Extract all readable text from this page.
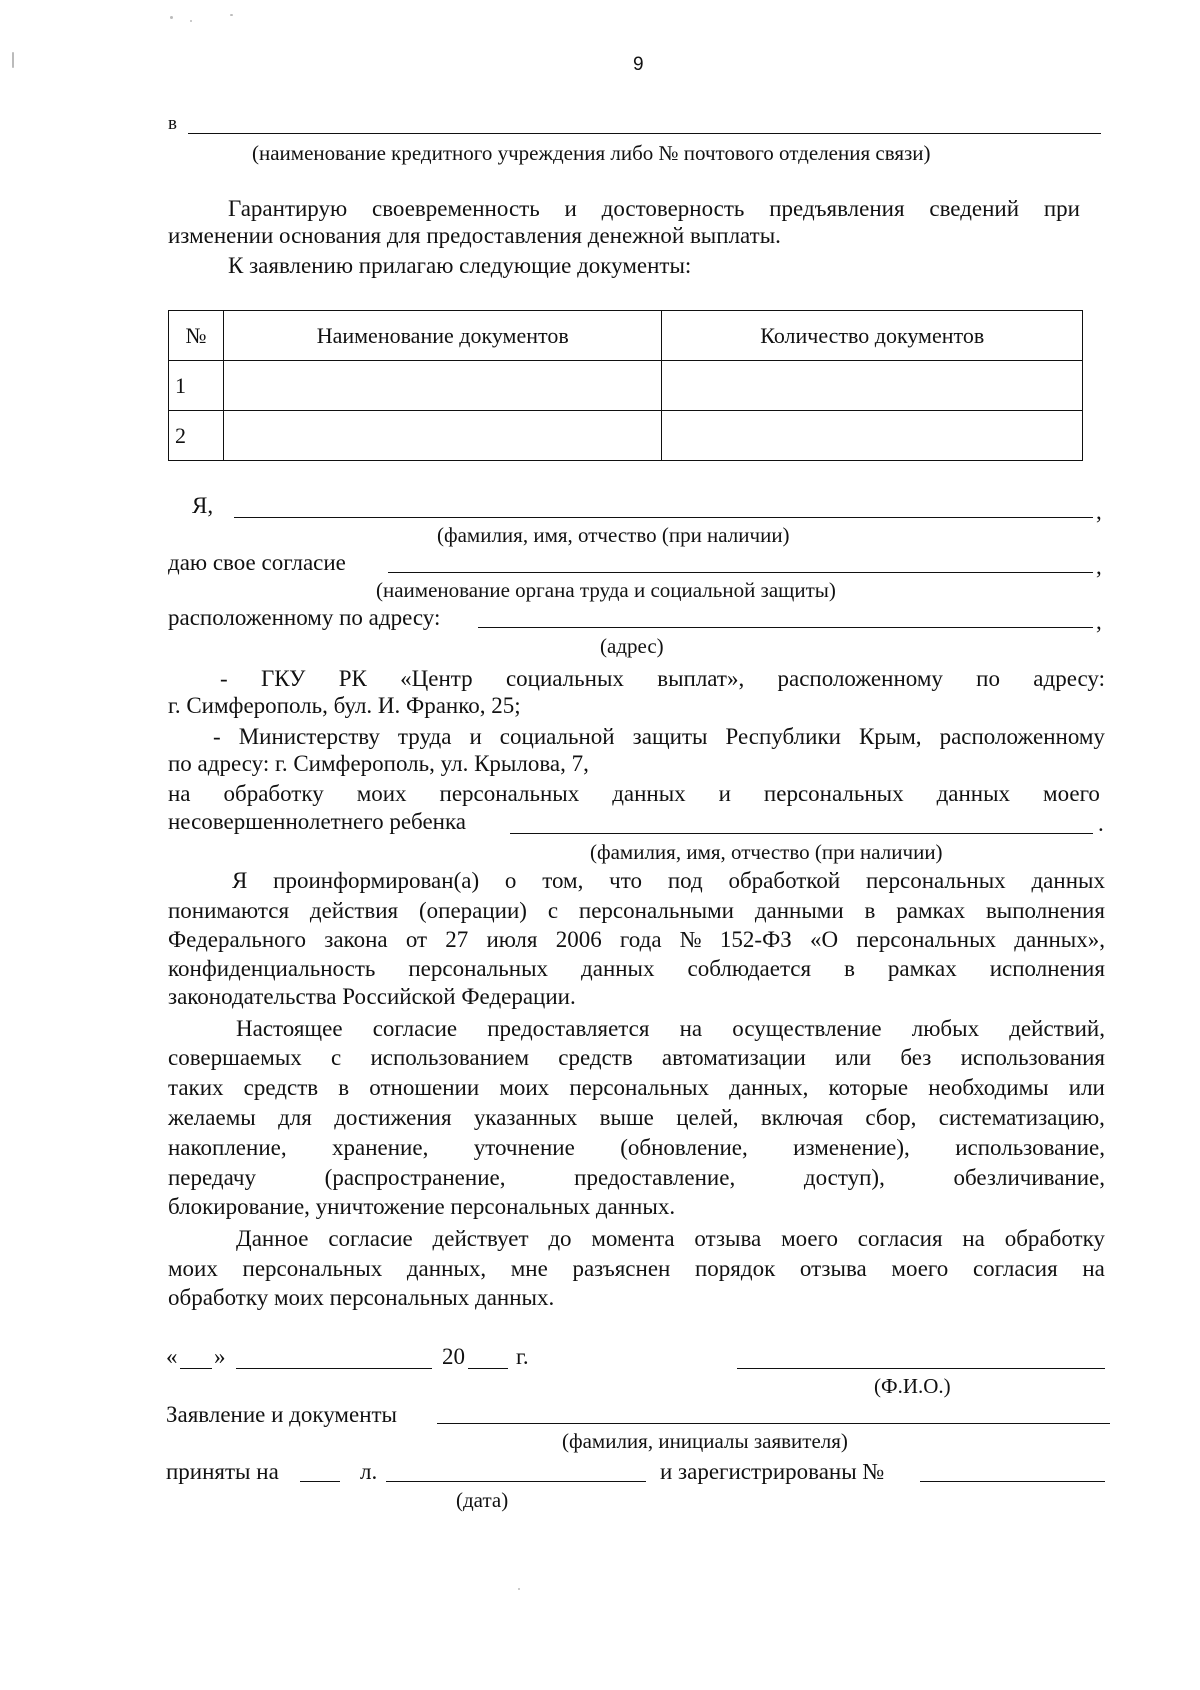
9
в
(наименование кредитного учреждения либо № почтового отделения связи)
Гарантирую своевременность и достоверность предъявления сведений при
изменении основания для предоставления денежной выплаты.
К заявлению прилагаю следующие документы:
№	Наименование документов	Количество документов
1		
2		
Я,	,
(фамилия, имя, отчество (при наличии)
даю свое согласие	,
(наименование органа труда и социальной защиты)
расположенному по адресу:	,
(адрес)
- ГКУ РК «Центр социальных выплат», расположенному по адресу:
г. Симферополь, бул. И. Франко, 25;
- Министерству труда и социальной защиты Республики Крым, расположенному
по адресу: г. Симферополь, ул. Крылова, 7,
на обработку моих персональных данных и персональных данных моего
несовершеннолетнего ребенка	.
(фамилия, имя, отчество (при наличии)
Я проинформирован(а) о том, что под обработкой персональных данных
понимаются действия (операции) с персональными данными в рамках выполнения
Федерального закона от 27 июля 2006 года № 152-ФЗ «О персональных данных»,
конфиденциальность персональных данных соблюдается в рамках исполнения
законодательства Российской Федерации.
Настоящее согласие предоставляется на осуществление любых действий,
совершаемых с использованием средств автоматизации или без использования
таких средств в отношении моих персональных данных, которые необходимы или
желаемы для достижения указанных выше целей, включая сбор, систематизацию,
накопление, хранение, уточнение (обновление, изменение), использование,
передачу	(распространение,	предоставление,	доступ),	обезличивание,
блокирование, уничтожение персональных данных.
Данное согласие действует до момента отзыва моего согласия на обработку
моих персональных данных, мне разъяснен порядок отзыва моего согласия на
обработку моих персональных данных.
« »	20 г.
(Ф.И.О.)
Заявление и документы
(фамилия, инициалы заявителя)
приняты на	л.	и зарегистрированы №
(дата)
